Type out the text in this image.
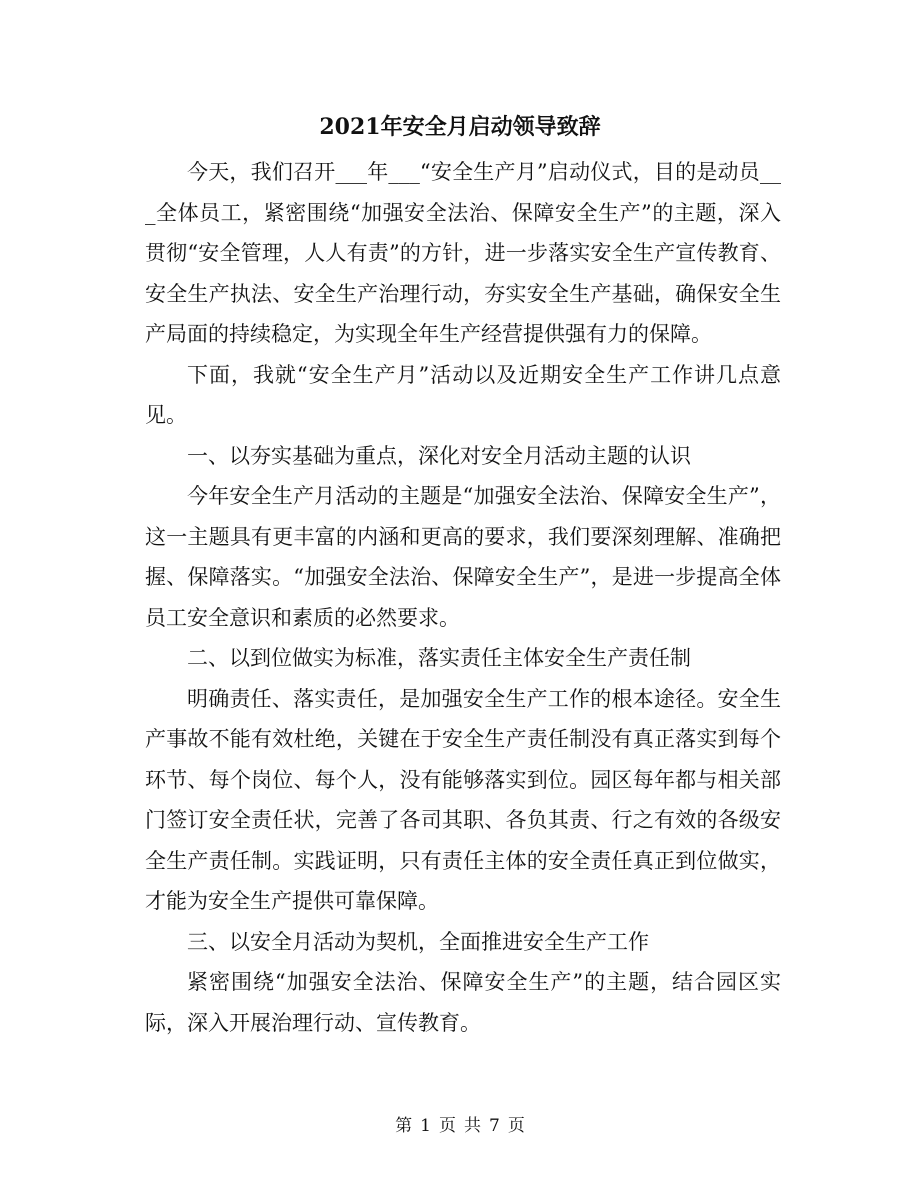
2021年安全月启动领导致辞

今天，我们召开___年___“安全生产月”启动仪式，目的是动员___全体员工，紧密围绕“加强安全法治、保障安全生产”的主题，深入贯彻“安全管理，人人有责”的方针，进一步落实安全生产宣传教育、安全生产执法、安全生产治理行动，夯实安全生产基础，确保安全生产局面的持续稳定，为实现全年生产经营提供强有力的保障。

下面，我就“安全生产月”活动以及近期安全生产工作讲几点意见。

一、以夯实基础为重点，深化对安全月活动主题的认识

今年安全生产月活动的主题是“加强安全法治、保障安全生产”，这一主题具有更丰富的内涵和更高的要求，我们要深刻理解、准确把握、保障落实。“加强安全法治、保障安全生产”，是进一步提高全体员工安全意识和素质的必然要求。

二、以到位做实为标准，落实责任主体安全生产责任制

明确责任、落实责任，是加强安全生产工作的根本途径。安全生产事故不能有效杜绝，关键在于安全生产责任制没有真正落实到每个环节、每个岗位、每个人，没有能够落实到位。园区每年都与相关部门签订安全责任状，完善了各司其职、各负其责、行之有效的各级安全生产责任制。实践证明，只有责任主体的安全责任真正到位做实，才能为安全生产提供可靠保障。

三、以安全月活动为契机，全面推进安全生产工作

紧密围绕“加强安全法治、保障安全生产”的主题，结合园区实际，深入开展治理行动、宣传教育。

第 1 页 共 7 页
